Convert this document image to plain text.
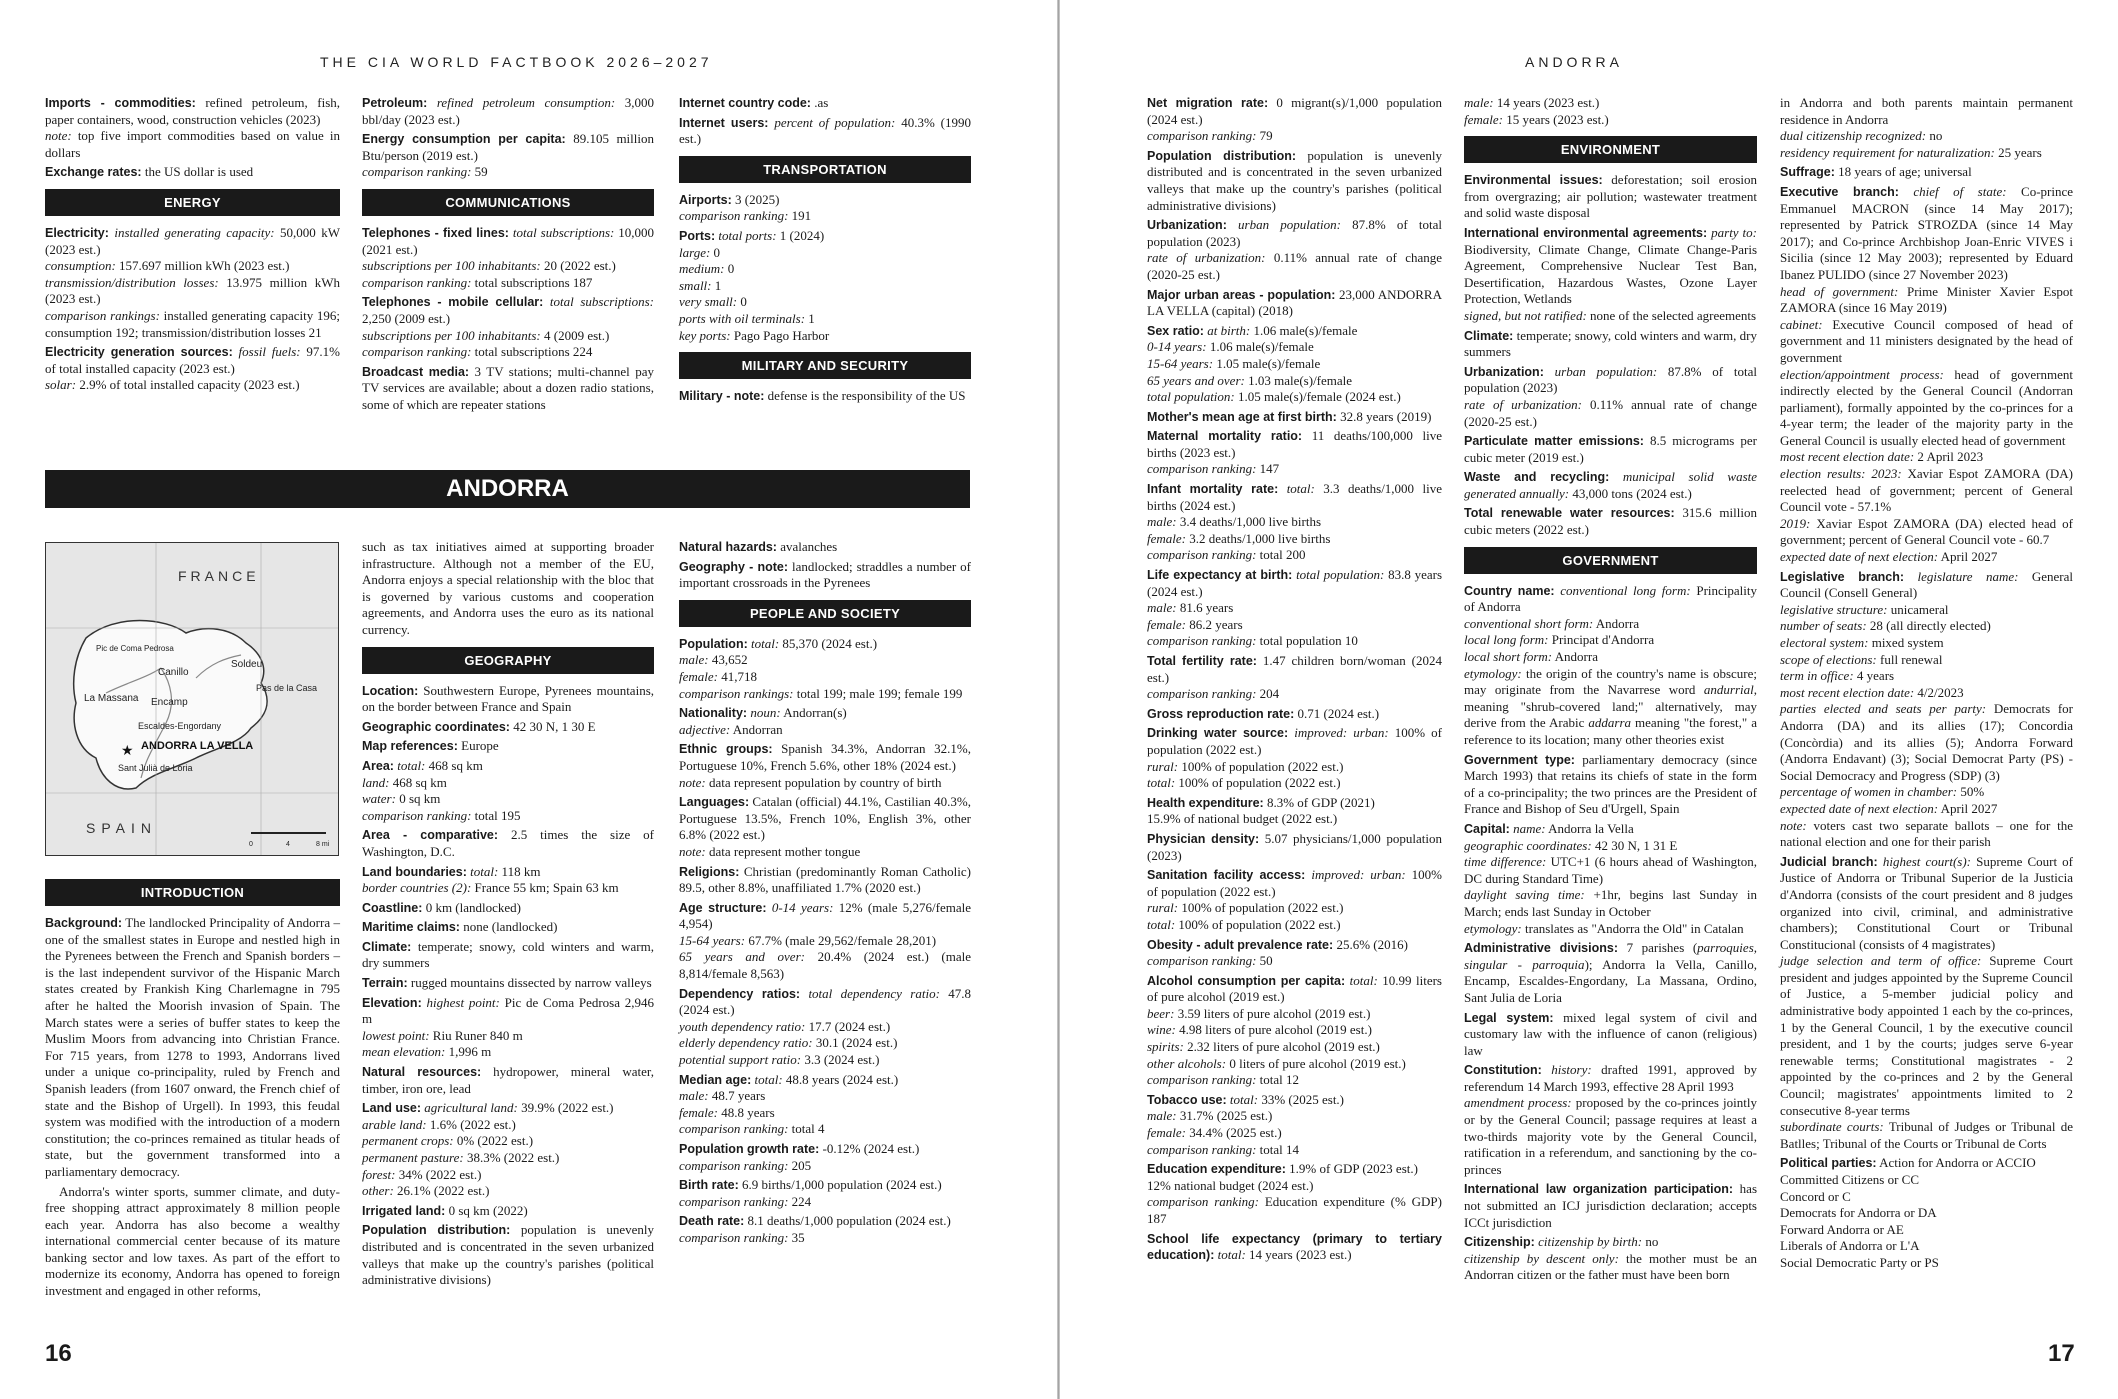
THE CIA WORLD FACTBOOK 2026–2027	ANDORRA

Imports - commodities: refined petroleum, fish, paper containers, wood, construction vehicles (2023)
note: top five import commodities based on value in dollars

Exchange rates: the US dollar is used

ENERGY

Electricity: installed generating capacity: 50,000 kW (2023 est.)
consumption: 157.697 million kWh (2023 est.)
transmission/distribution losses: 13.975 million kWh (2023 est.)
comparison rankings: installed generating capacity 196; consumption 192; transmission/distribution losses 21

Electricity generation sources: fossil fuels: 97.1% of total installed capacity (2023 est.)
solar: 2.9% of total installed capacity (2023 est.)

Petroleum: refined petroleum consumption: 3,000 bbl/day (2023 est.)

Energy consumption per capita: 89.105 million Btu/person (2019 est.)
comparison ranking: 59

COMMUNICATIONS

Telephones - fixed lines: total subscriptions: 10,000 (2021 est.)
subscriptions per 100 inhabitants: 20 (2022 est.)
comparison ranking: total subscriptions 187

Telephones - mobile cellular: total subscriptions: 2,250 (2009 est.)
subscriptions per 100 inhabitants: 4 (2009 est.)
comparison ranking: total subscriptions 224

Broadcast media: 3 TV stations; multi-channel pay TV services are available; about a dozen radio stations, some of which are repeater stations

Internet country code: .as

Internet users: percent of population: 40.3% (1990 est.)

TRANSPORTATION

Airports: 3 (2025)
comparison ranking: 191

Ports: total ports: 1 (2024)
large: 0
medium: 0
small: 1
very small: 0
ports with oil terminals: 1
key ports: Pago Pago Harbor

MILITARY AND SECURITY

Military - note: defense is the responsibility of the US

ANDORRA
FRANCE
SPAIN
Pic de Coma Pedrosa
Canillo
Soldeu
Pas de la Casa
La Massana Encamp
Escaldes-Engordany
ANDORRA LA VELLA
Sant Julià de Lòria
★
0	4	8 mi
INTRODUCTION

Background: The landlocked Principality of Andorra – one of the smallest states in Europe and nestled high in the Pyrenees between the French and Spanish borders – is the last independent survivor of the Hispanic March states created by Frankish King Charlemagne in 795 after he halted the Moorish invasion of Spain. The March states were a series of buffer states to keep the Muslim Moors from advancing into Christian France. For 715 years, from 1278 to 1993, Andorrans lived under a unique co-principality, ruled by French and Spanish leaders (from 1607 onward, the French chief of state and the Bishop of Urgell). In 1993, this feudal system was modified with the introduction of a modern constitution; the co-princes remained as titular heads of state, but the government transformed into a parliamentary democracy.

Andorra's winter sports, summer climate, and duty-free shopping attract approximately 8 million people each year. Andorra has also become a wealthy international commercial center because of its mature banking sector and low taxes. As part of the effort to modernize its economy, Andorra has opened to foreign investment and engaged in other reforms,

such as tax initiatives aimed at supporting broader infrastructure. Although not a member of the EU, Andorra enjoys a special relationship with the bloc that is governed by various customs and cooperation agreements, and Andorra uses the euro as its national currency.

GEOGRAPHY

Location: Southwestern Europe, Pyrenees mountains, on the border between France and Spain

Geographic coordinates: 42 30 N, 1 30 E

Map references: Europe

Area: total: 468 sq km
land: 468 sq km
water: 0 sq km
comparison ranking: total 195

Area - comparative: 2.5 times the size of Washington, D.C.

Land boundaries: total: 118 km
border countries (2): France 55 km; Spain 63 km

Coastline: 0 km (landlocked)

Maritime claims: none (landlocked)

Climate: temperate; snowy, cold winters and warm, dry summers

Terrain: rugged mountains dissected by narrow valleys

Elevation: highest point: Pic de Coma Pedrosa 2,946 m
lowest point: Riu Runer 840 m
mean elevation: 1,996 m

Natural resources: hydropower, mineral water, timber, iron ore, lead

Land use: agricultural land: 39.9% (2022 est.)
arable land: 1.6% (2022 est.)
permanent crops: 0% (2022 est.)
permanent pasture: 38.3% (2022 est.)
forest: 34% (2022 est.)
other: 26.1% (2022 est.)

Irrigated land: 0 sq km (2022)

Population distribution: population is unevenly distributed and is concentrated in the seven urbanized valleys that make up the country's parishes (political administrative divisions)

Natural hazards: avalanches

Geography - note: landlocked; straddles a number of important crossroads in the Pyrenees

PEOPLE AND SOCIETY

Population: total: 85,370 (2024 est.)
male: 43,652
female: 41,718
comparison rankings: total 199; male 199; female 199

Nationality: noun: Andorran(s)
adjective: Andorran

Ethnic groups: Spanish 34.3%, Andorran 32.1%, Portuguese 10%, French 5.6%, other 18% (2024 est.)
note: data represent population by country of birth

Languages: Catalan (official) 44.1%, Castilian 40.3%, Portuguese 13.5%, French 10%, English 3%, other 6.8% (2022 est.)
note: data represent mother tongue

Religions: Christian (predominantly Roman Catholic) 89.5, other 8.8%, unaffiliated 1.7% (2020 est.)

Age structure: 0-14 years: 12% (male 5,276/female 4,954)
15-64 years: 67.7% (male 29,562/female 28,201)
65 years and over: 20.4% (2024 est.) (male 8,814/female 8,563)

Dependency ratios: total dependency ratio: 47.8 (2024 est.)
youth dependency ratio: 17.7 (2024 est.)
elderly dependency ratio: 30.1 (2024 est.)
potential support ratio: 3.3 (2024 est.)

Median age: total: 48.8 years (2024 est.)
male: 48.7 years
female: 48.8 years
comparison ranking: total 4

Population growth rate: -0.12% (2024 est.)
comparison ranking: 205

Birth rate: 6.9 births/1,000 population (2024 est.)
comparison ranking: 224

Death rate: 8.1 deaths/1,000 population (2024 est.)
comparison ranking: 35

16

Net migration rate: 0 migrant(s)/1,000 population (2024 est.)
comparison ranking: 79

Population distribution: population is unevenly distributed and is concentrated in the seven urbanized valleys that make up the country's parishes (political administrative divisions)

Urbanization: urban population: 87.8% of total population (2023)
rate of urbanization: 0.11% annual rate of change (2020-25 est.)

Major urban areas - population: 23,000 ANDORRA LA VELLA (capital) (2018)

Sex ratio: at birth: 1.06 male(s)/female
0-14 years: 1.06 male(s)/female
15-64 years: 1.05 male(s)/female
65 years and over: 1.03 male(s)/female
total population: 1.05 male(s)/female (2024 est.)

Mother's mean age at first birth: 32.8 years (2019)

Maternal mortality ratio: 11 deaths/100,000 live births (2023 est.)
comparison ranking: 147

Infant mortality rate: total: 3.3 deaths/1,000 live births (2024 est.)
male: 3.4 deaths/1,000 live births
female: 3.2 deaths/1,000 live births
comparison ranking: total 200

Life expectancy at birth: total population: 83.8 years (2024 est.)
male: 81.6 years
female: 86.2 years
comparison ranking: total population 10

Total fertility rate: 1.47 children born/woman (2024 est.)
comparison ranking: 204

Gross reproduction rate: 0.71 (2024 est.)

Drinking water source: improved: urban: 100% of population (2022 est.)
rural: 100% of population (2022 est.)
total: 100% of population (2022 est.)

Health expenditure: 8.3% of GDP (2021)
15.9% of national budget (2022 est.)

Physician density: 5.07 physicians/1,000 population (2023)

Sanitation facility access: improved: urban: 100% of population (2022 est.)
rural: 100% of population (2022 est.)
total: 100% of population (2022 est.)

Obesity - adult prevalence rate: 25.6% (2016)
comparison ranking: 50

Alcohol consumption per capita: total: 10.99 liters of pure alcohol (2019 est.)
beer: 3.59 liters of pure alcohol (2019 est.)
wine: 4.98 liters of pure alcohol (2019 est.)
spirits: 2.32 liters of pure alcohol (2019 est.)
other alcohols: 0 liters of pure alcohol (2019 est.)
comparison ranking: total 12

Tobacco use: total: 33% (2025 est.)
male: 31.7% (2025 est.)
female: 34.4% (2025 est.)
comparison ranking: total 14

Education expenditure: 1.9% of GDP (2023 est.)
12% national budget (2024 est.)
comparison ranking: Education expenditure (% GDP) 187

School life expectancy (primary to tertiary education): total: 14 years (2023 est.)

male: 14 years (2023 est.)
female: 15 years (2023 est.)

ENVIRONMENT

Environmental issues: deforestation; soil erosion from overgrazing; air pollution; wastewater treatment and solid waste disposal

International environmental agreements: party to: Biodiversity, Climate Change, Climate Change-Paris Agreement, Comprehensive Nuclear Test Ban, Desertification, Hazardous Wastes, Ozone Layer Protection, Wetlands
signed, but not ratified: none of the selected agreements

Climate: temperate; snowy, cold winters and warm, dry summers

Urbanization: urban population: 87.8% of total population (2023)
rate of urbanization: 0.11% annual rate of change (2020-25 est.)

Particulate matter emissions: 8.5 micrograms per cubic meter (2019 est.)

Waste and recycling: municipal solid waste generated annually: 43,000 tons (2024 est.)

Total renewable water resources: 315.6 million cubic meters (2022 est.)

GOVERNMENT

Country name: conventional long form: Principality of Andorra
conventional short form: Andorra
local long form: Principat d'Andorra
local short form: Andorra
etymology: the origin of the country's name is obscure; may originate from the Navarrese word andurrial, meaning "shrub-covered land;" alternatively, may derive from the Arabic addarra meaning "the forest," a reference to its location; many other theories exist

Government type: parliamentary democracy (since March 1993) that retains its chiefs of state in the form of a co-principality; the two princes are the President of France and Bishop of Seu d'Urgell, Spain

Capital: name: Andorra la Vella
geographic coordinates: 42 30 N, 1 31 E
time difference: UTC+1 (6 hours ahead of Washington, DC during Standard Time)
daylight saving time: +1hr, begins last Sunday in March; ends last Sunday in October
etymology: translates as "Andorra the Old" in Catalan

Administrative divisions: 7 parishes (parroquies, singular - parroquia); Andorra la Vella, Canillo, Encamp, Escaldes-Engordany, La Massana, Ordino, Sant Julia de Loria

Legal system: mixed legal system of civil and customary law with the influence of canon (religious) law

Constitution: history: drafted 1991, approved by referendum 14 March 1993, effective 28 April 1993
amendment process: proposed by the co-princes jointly or by the General Council; passage requires at least a two-thirds majority vote by the General Council, ratification in a referendum, and sanctioning by the co-princes

International law organization participation: has not submitted an ICJ jurisdiction declaration; accepts ICCt jurisdiction

Citizenship: citizenship by birth: no
citizenship by descent only: the mother must be an Andorran citizen or the father must have been born

in Andorra and both parents maintain permanent residence in Andorra
dual citizenship recognized: no
residency requirement for naturalization: 25 years

Suffrage: 18 years of age; universal

Executive branch: chief of state: Co-prince Emmanuel MACRON (since 14 May 2017); represented by Patrick STROZDA (since 14 May 2017); and Co-prince Archbishop Joan-Enric VIVES i Sicilia (since 12 May 2003); represented by Eduard Ibanez PULIDO (since 27 November 2023)
head of government: Prime Minister Xavier Espot ZAMORA (since 16 May 2019)
cabinet: Executive Council composed of head of government and 11 ministers designated by the head of government
election/appointment process: head of government indirectly elected by the General Council (Andorran parliament), formally appointed by the co-princes for a 4-year term; the leader of the majority party in the General Council is usually elected head of government
most recent election date: 2 April 2023
election results: 2023: Xaviar Espot ZAMORA (DA) reelected head of government; percent of General Council vote - 57.1%
2019: Xaviar Espot ZAMORA (DA) elected head of government; percent of General Council vote - 60.7
expected date of next election: April 2027

Legislative branch: legislature name: General Council (Consell General)
legislative structure: unicameral
number of seats: 28 (all directly elected)
electoral system: mixed system
scope of elections: full renewal
term in office: 4 years
most recent election date: 4/2/2023
parties elected and seats per party: Democrats for Andorra (DA) and its allies (17); Concordia (Concòrdia) and its allies (5); Andorra Forward (Andorra Endavant) (3); Social Democrat Party (PS) - Social Democracy and Progress (SDP) (3)
percentage of women in chamber: 50%
expected date of next election: April 2027
note: voters cast two separate ballots – one for the national election and one for their parish

Judicial branch: highest court(s): Supreme Court of Justice of Andorra or Tribunal Superior de la Justicia d'Andorra (consists of the court president and 8 judges organized into civil, criminal, and administrative chambers); Constitutional Court or Tribunal Constitucional (consists of 4 magistrates)
judge selection and term of office: Supreme Court president and judges appointed by the Supreme Council of Justice, a 5-member judicial policy and administrative body appointed 1 each by the co-princes, 1 by the General Council, 1 by the executive council president, and 1 by the courts; judges serve 6-year renewable terms; Constitutional magistrates - 2 appointed by the co-princes and 2 by the General Council; magistrates' appointments limited to 2 consecutive 8-year terms
subordinate courts: Tribunal of Judges or Tribunal de Batlles; Tribunal of the Courts or Tribunal de Corts

Political parties: Action for Andorra or ACCIO
Committed Citizens or CC
Concord or C
Democrats for Andorra or DA
Forward Andorra or AE
Liberals of Andorra or L'A
Social Democratic Party or PS

17
